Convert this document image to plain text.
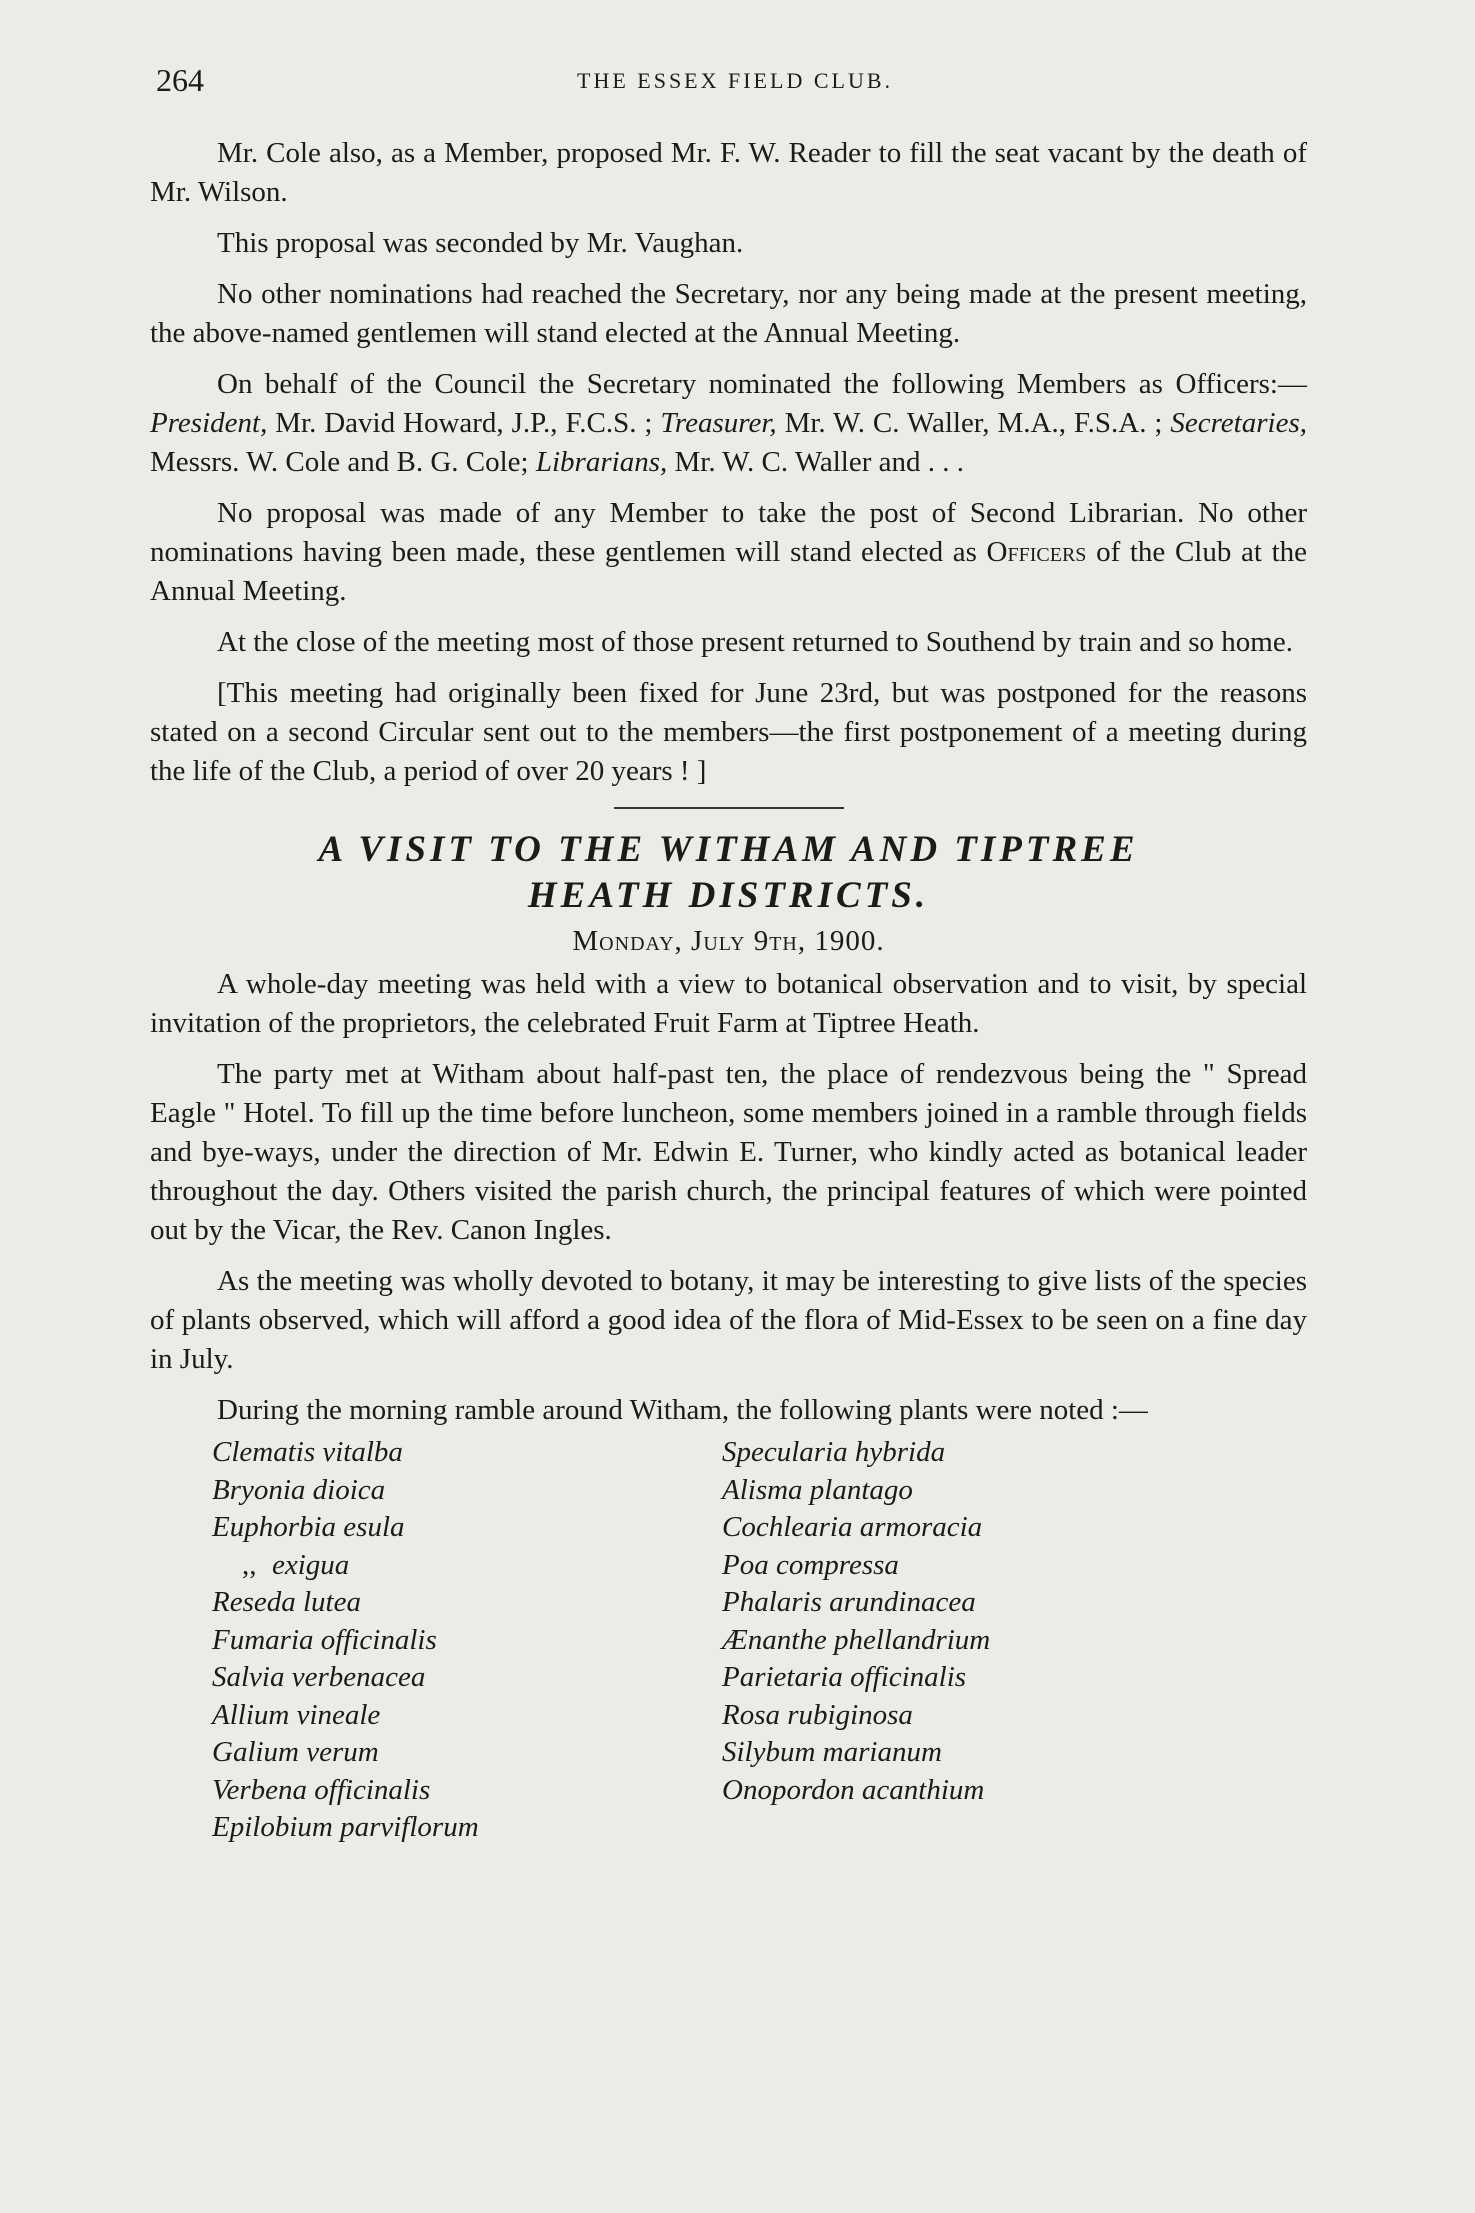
264	THE ESSEX FIELD CLUB.

Mr. Cole also, as a Member, proposed Mr. F. W. Reader to fill the seat vacant by the death of Mr. Wilson.

This proposal was seconded by Mr. Vaughan.

No other nominations had reached the Secretary, nor any being made at the present meeting, the above-named gentlemen will stand elected at the Annual Meeting.

On behalf of the Council the Secretary nominated the following Members as Officers:—President, Mr. David Howard, J.P., F.C.S. ; Treasurer, Mr. W. C. Waller, M.A., F.S.A. ; Secretaries, Messrs. W. Cole and B. G. Cole; Librarians, Mr. W. C. Waller and . . .

No proposal was made of any Member to take the post of Second Librarian. No other nominations having been made, these gentlemen will stand elected as Officers of the Club at the Annual Meeting.

At the close of the meeting most of those present returned to Southend by train and so home.

[This meeting had originally been fixed for June 23rd, but was postponed for the reasons stated on a second Circular sent out to the members—the first postponement of a meeting during the life of the Club, a period of over 20 years ! ]

A VISIT TO THE WITHAM AND TIPTREE
HEATH DISTRICTS.
Monday, July 9th, 1900.

A whole-day meeting was held with a view to botanical observation and to visit, by special invitation of the proprietors, the celebrated Fruit Farm at Tiptree Heath.

The party met at Witham about half-past ten, the place of rendezvous being the " Spread Eagle " Hotel. To fill up the time before luncheon, some members joined in a ramble through fields and bye-ways, under the direction of Mr. Edwin E. Turner, who kindly acted as botanical leader throughout the day. Others visited the parish church, the principal features of which were pointed out by the Vicar, the Rev. Canon Ingles.

As the meeting was wholly devoted to botany, it may be interesting to give lists of the species of plants observed, which will afford a good idea of the flora of Mid-Essex to be seen on a fine day in July.

During the morning ramble around Witham, the following plants were noted :—

Clematis vitalba
Bryonia dioica
Euphorbia esula
,, exigua
Reseda lutea
Fumaria officinalis
Salvia verbenacea
Allium vineale
Galium verum
Verbena officinalis
Epilobium parviflorum
Specularia hybrida
Alisma plantago
Cochlearia armoracia
Poa compressa
Phalaris arundinacea
Ænanthe phellandrium
Parietaria officinalis
Rosa rubiginosa
Silybum marianum
Onopordon acanthium
